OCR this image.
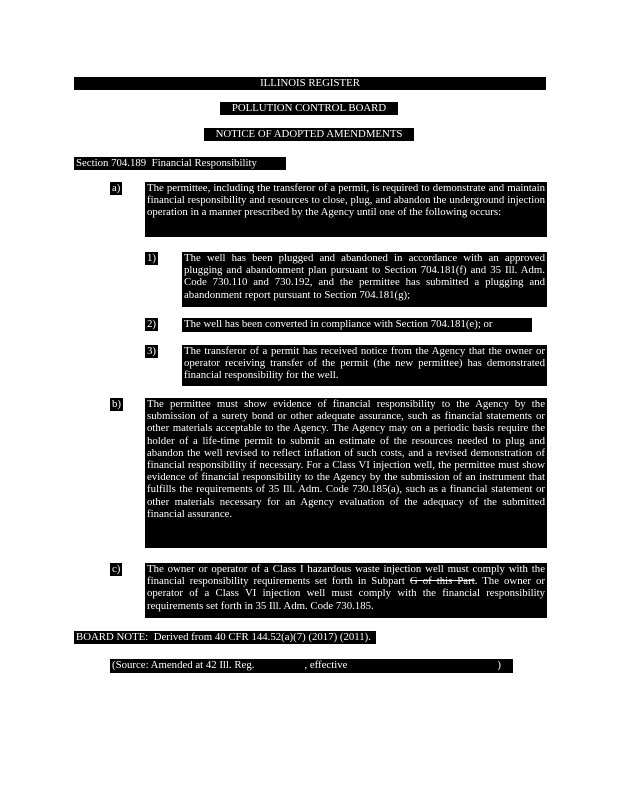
ILLINOIS REGISTER
POLLUTION CONTROL BOARD
NOTICE OF ADOPTED AMENDMENTS
Section 704.189 Financial Responsibility
a) The permittee, including the transferor of a permit, is required to demonstrate and maintain financial responsibility and resources to close, plug, and abandon the underground injection operation in a manner prescribed by the Agency until one of the following occurs:
1)	The well has been plugged and abandoned in accordance with an approved plugging and abandonment plan pursuant to Section 704.181(f) and 35 Ill. Adm. Code 730.110 and 730.192, and the permittee has submitted a plugging and abandonment report pursuant to Section 704.181(g);
2)	The well has been converted in compliance with Section 704.181(e); or
3)	The transferor of a permit has received notice from the Agency that the owner or operator receiving transfer of the permit (the new permittee) has demonstrated financial responsibility for the well.
b) The permittee must show evidence of financial responsibility to the Agency by the submission of a surety bond or other adequate assurance, such as financial statements or other materials acceptable to the Agency. The Agency may on a periodic basis require the holder of a life-time permit to submit an estimate of the resources needed to plug and abandon the well revised to reflect inflation of such costs, and a revised demonstration of financial responsibility if necessary. For a Class VI injection well, the permittee must show evidence of financial responsibility to the Agency by the submission of an instrument that fulfills the requirements of 35 Ill. Adm. Code 730.185(a), such as a financial statement or other materials necessary for an Agency evaluation of the adequacy of the submitted financial assurance.
c) The owner or operator of a Class I hazardous waste injection well must comply with the financial responsibility requirements set forth in Subpart G of this Part. The owner or operator of a Class VI injection well must comply with the financial responsibility requirements set forth in 35 Ill. Adm. Code 730.185.
BOARD NOTE: Derived from 40 CFR 144.52(a)(7) (2017) (2011).
(Source: Amended at 42 Ill. Reg.	, effective	)
